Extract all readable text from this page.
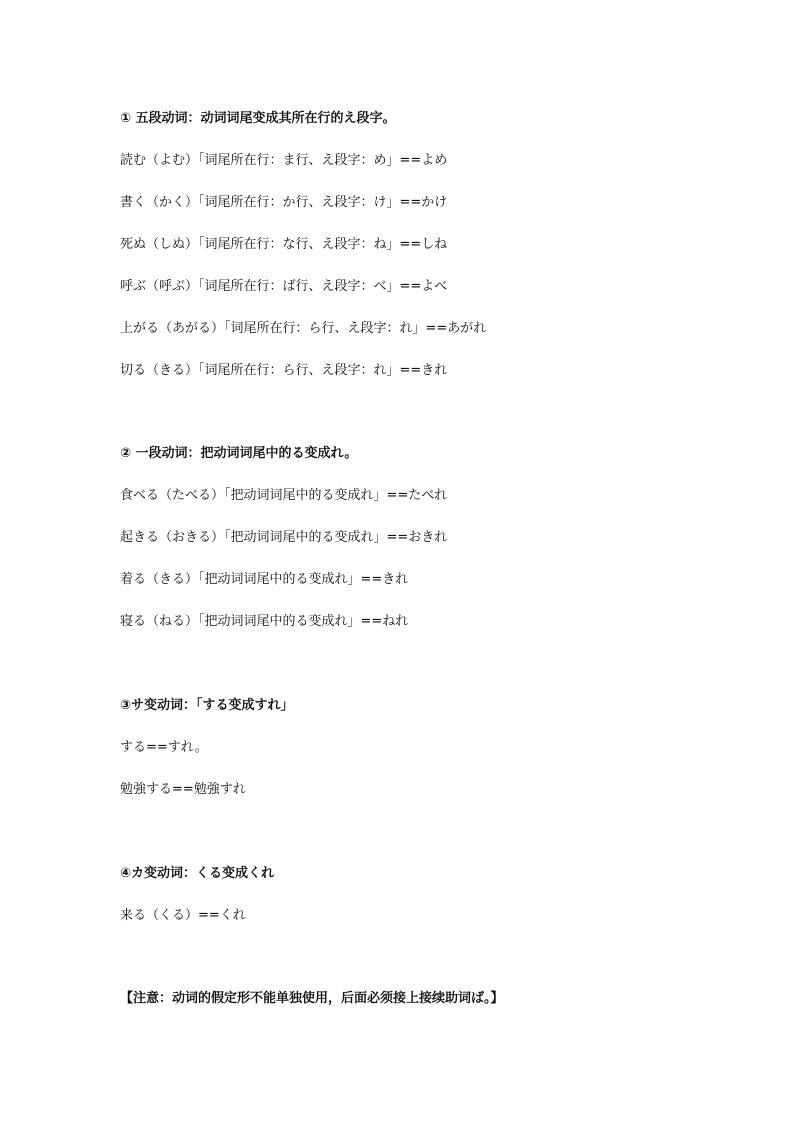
① 五段动词：动词词尾变成其所在行的え段字。

読む（よむ）「词尾所在行：ま行、え段字：め」==よめ

書く（かく）「词尾所在行：か行、え段字：け」==かけ

死ぬ（しぬ）「词尾所在行：な行、え段字：ね」==しね

呼ぶ（呼ぶ）「词尾所在行：ば行、え段字：べ」==よべ

上がる（あがる）「词尾所在行：ら行、え段字：れ」==あがれ

切る（きる）「词尾所在行：ら行、え段字：れ」==きれ

② 一段动词：把动词词尾中的る变成れ。

食べる（たべる）「把动词词尾中的る变成れ」==たべれ

起きる（おきる）「把动词词尾中的る变成れ」==おきれ

着る（きる）「把动词词尾中的る变成れ」==きれ

寝る（ねる）「把动词词尾中的る变成れ」==ねれ

③サ变动词：「する变成すれ」

する==すれ。

勉強する==勉強すれ

④カ变动词：くる变成くれ

来る（くる）==くれ

【注意：动词的假定形不能单独使用，后面必须接上接续助词ば。】
